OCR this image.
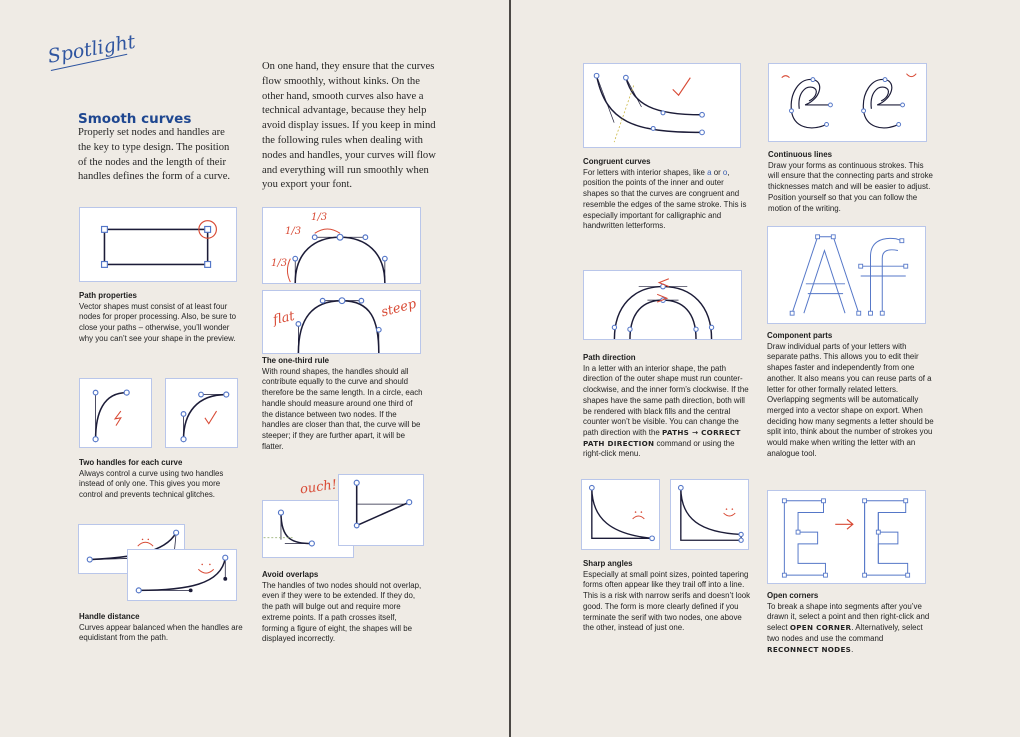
Spotlight
Smooth curves

Properly set nodes and handles are the key to type design. The position of the nodes and the length of their handles defines the form of a curve.

On one hand, they ensure that the curves flow smoothly, without kinks. On the other hand, smooth curves also have a technical advantage, because they help avoid display issues. If you keep in mind the following rules when dealing with nodes and handles, your curves will flow and everything will run smoothly when you export your font.

Path properties
Vector shapes must consist of at least four nodes for proper processing. Also, be sure to close your paths – otherwise, you’ll wonder why you can’t see your shape in the preview.
1/3
1/3
1/3
flat	steep
The one-third rule
With round shapes, the handles should all contribute equally to the curve and should therefore be the same length. In a circle, each handle should measure around one third of the distance between two nodes. If the handles are closer than that, the curve will be steeper; if they are further apart, it will be flatter.
Two handles for each curve
Always control a curve using two handles instead of only one. This gives you more control and prevents technical glitches.
Handle distance
Curves appear balanced when the handles are equidistant from the path.
ouch!
Avoid overlaps
The handles of two nodes should not overlap, even if they were to be extended. If they do, the path will bulge out and require more extreme points. If a path crosses itself, forming a figure of eight, the shapes will be displayed incorrectly.
Congruent curves
For letters with interior shapes, like a or o, position the points of the inner and outer shapes so that the curves are congruent and resemble the edges of the same stroke. This is especially important for calligraphic and handwritten letterforms.
Continuous lines
Draw your forms as continuous strokes. This will ensure that the connecting parts and stroke thicknesses match and will be easier to adjust. Position yourself so that you can follow the motion of the writing.
Path direction
In a letter with an interior shape, the path direction of the outer shape must run counter-clockwise, and the inner form’s clockwise. If the shapes have the same path direction, both will be rendered with black fills and the central counter won’t be visible. You can change the path direction with the PATHS → CORRECT PATH DIRECTION command or using the right-click menu.
Component parts
Draw individual parts of your letters with separate paths. This allows you to edit their shapes faster and independently from one another. It also means you can reuse parts of a letter for other formally related letters. Overlapping segments will be automatically merged into a vector shape on export. When deciding how many segments a letter should be split into, think about the number of strokes you would make when writing the letter with an analogue tool.
Sharp angles
Especially at small point sizes, pointed tapering forms often appear like they trail off into a line. This is a risk with narrow serifs and doesn’t look good. The form is more clearly defined if you terminate the serif with two nodes, one above the other, instead of just one.
Open corners
To break a shape into segments after you’ve drawn it, select a point and then right-click and select OPEN CORNER. Alternatively, select two nodes and use the command RECONNECT NODES.
